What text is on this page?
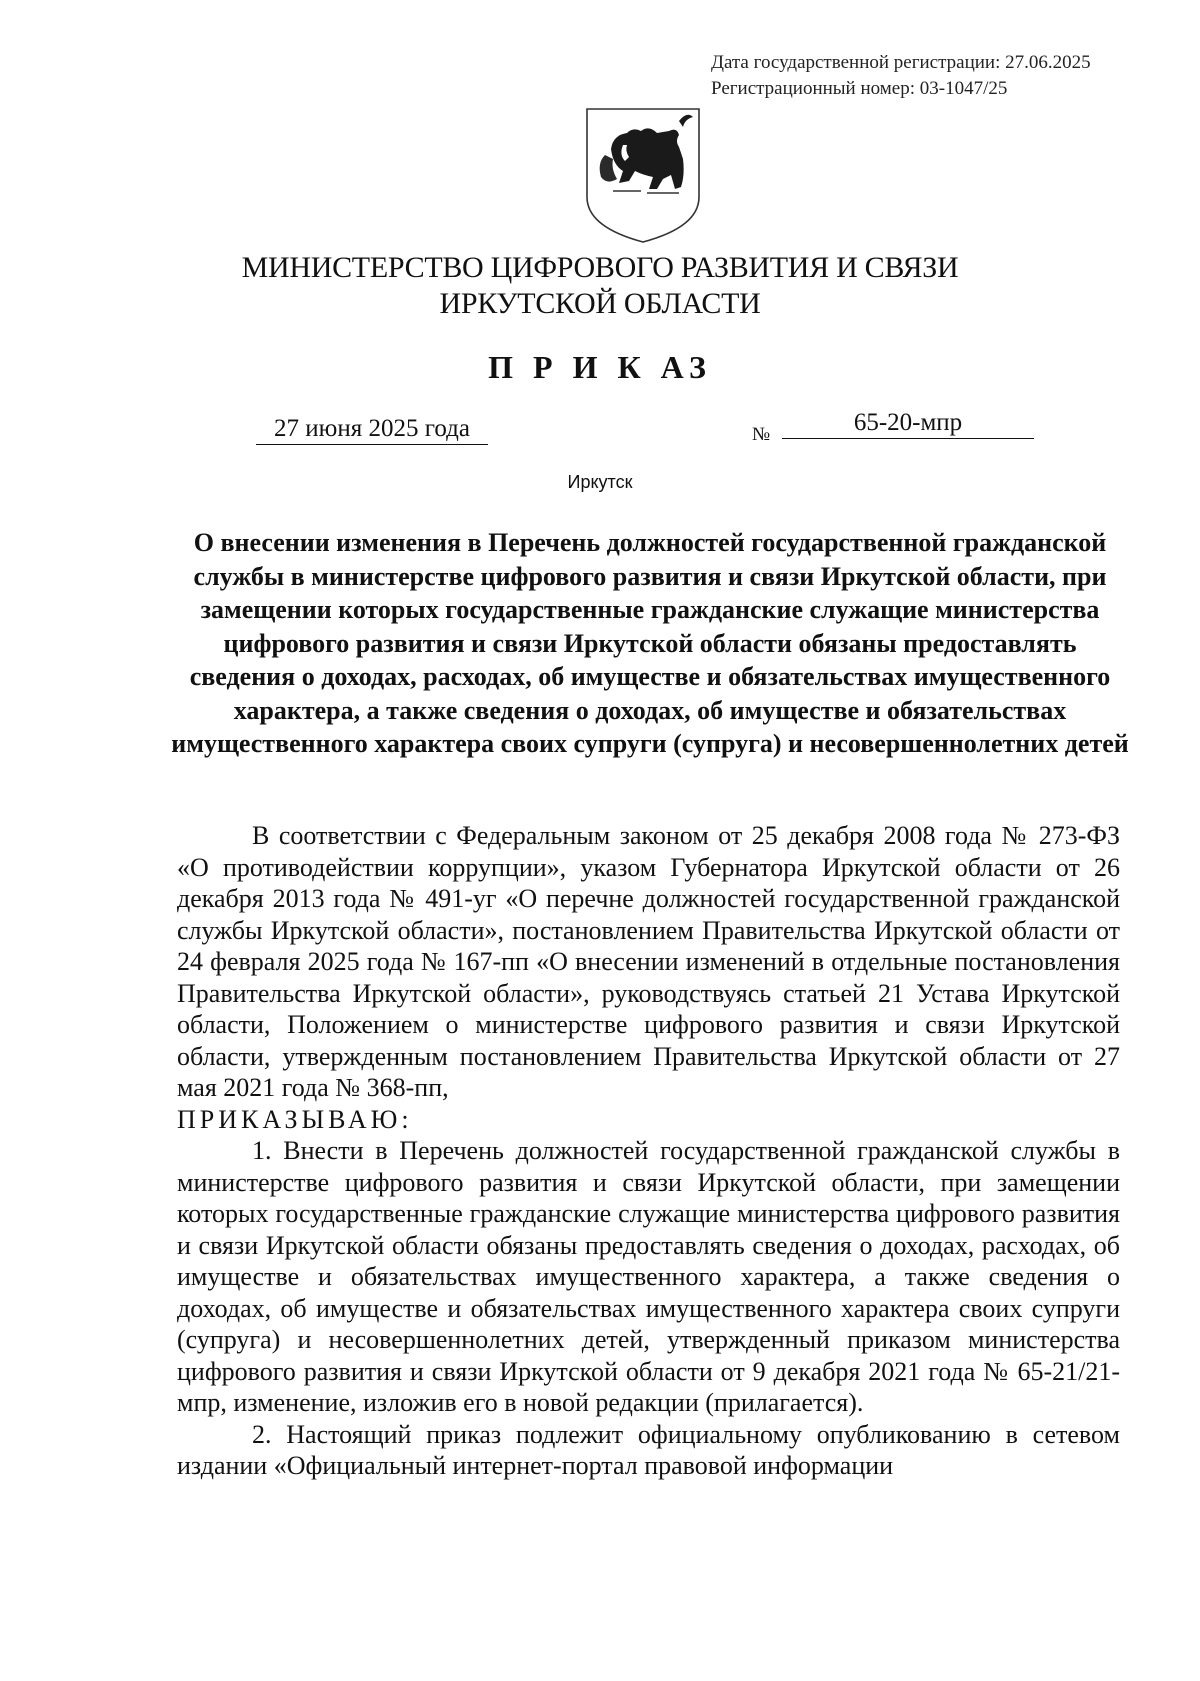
Дата государственной регистрации: 27.06.2025
Регистрационный номер: 03-1047/25
МИНИСТЕРСТВО ЦИФРОВОГО РАЗВИТИЯ И СВЯЗИ
ИРКУТСКОЙ ОБЛАСТИ
П Р И К АЗ
27 июня 2025 года	№	65-20-мпр
Иркутск
О внесении изменения в Перечень должностей государственной гражданской службы в министерстве цифрового развития и связи Иркутской области, при замещении которых государственные гражданские служащие министерства цифрового развития и связи Иркутской области обязаны предоставлять сведения о доходах, расходах, об имуществе и обязательствах имущественного характера, а также сведения о доходах, об имуществе и обязательствах имущественного характера своих супруги (супруга) и несовершеннолетних детей

В соответствии с Федеральным законом от 25 декабря 2008 года № 273-ФЗ «О противодействии коррупции», указом Губернатора Иркутской области от 26 декабря 2013 года № 491-уг «О перечне должностей государственной гражданской службы Иркутской области», постановлением Правительства Иркутской области от 24 февраля 2025 года № 167-пп «О внесении изменений в отдельные постановления Правительства Иркутской области», руководствуясь статьей 21 Устава Иркутской области, Положением о министерстве цифрового развития и связи Иркутской области, утвержденным постановлением Правительства Иркутской области от 27 мая 2021 года № 368-пп,

ПРИКАЗЫВАЮ:

1. Внести в Перечень должностей государственной гражданской службы в министерстве цифрового развития и связи Иркутской области, при замещении которых государственные гражданские служащие министерства цифрового развития и связи Иркутской области обязаны предоставлять сведения о доходах, расходах, об имуществе и обязательствах имущественного характера, а также сведения о доходах, об имуществе и обязательствах имущественного характера своих супруги (супруга) и несовершеннолетних детей, утвержденный приказом министерства цифрового развития и связи Иркутской области от 9 декабря 2021 года № 65-21/21-мпр, изменение, изложив его в новой редакции (прилагается).

2. Настоящий приказ подлежит официальному опубликованию в сетевом издании «Официальный интернет-портал правовой информации
